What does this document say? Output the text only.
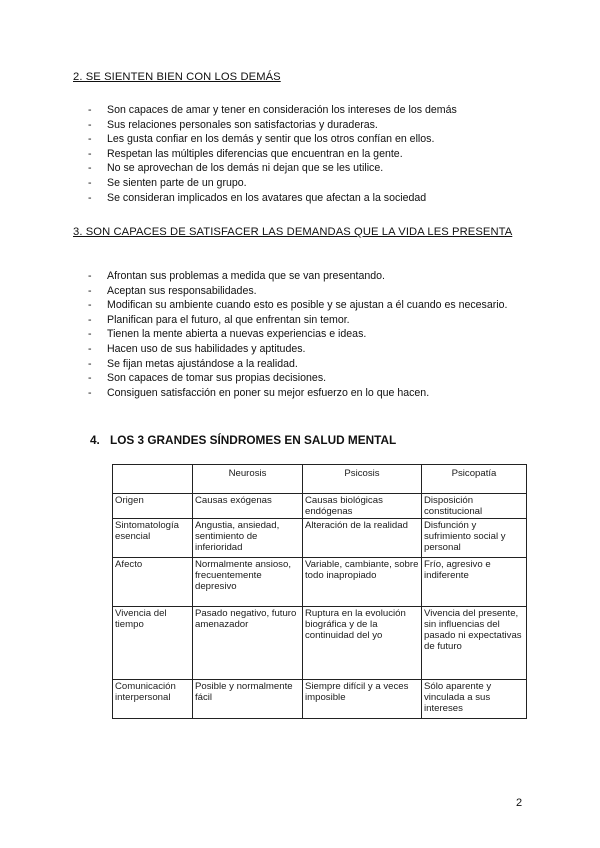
2. SE SIENTEN BIEN CON LOS DEMÁS
- Son capaces de amar y tener en consideración los intereses de los demás
- Sus relaciones personales son satisfactorias y duraderas.
- Les gusta confiar en los demás y sentir que los otros confían en ellos.
- Respetan las múltiples diferencias que encuentran en la gente.
- No se aprovechan de los demás ni dejan que se les utilice.
- Se sienten parte de un grupo.
- Se consideran implicados en los avatares que afectan a la sociedad
3. SON CAPACES DE SATISFACER LAS DEMANDAS QUE LA VIDA LES PRESENTA
- Afrontan sus problemas a medida que se van presentando.
- Aceptan sus responsabilidades.
- Modifican su ambiente cuando esto es posible y se ajustan a él cuando es necesario.
- Planifican para el futuro, al que enfrentan sin temor.
- Tienen la mente abierta a nuevas experiencias e ideas.
- Hacen uso de sus habilidades y aptitudes.
- Se fijan metas ajustándose a la realidad.
- Son capaces de tomar sus propias decisiones.
- Consiguen satisfacción en poner su mejor esfuerzo en lo que hacen.
4. LOS 3 GRANDES SÍNDROMES EN SALUD MENTAL
	Neurosis	Psicosis	Psicopatía
Origen	Causas exógenas	Causas biológicas endógenas	Disposición constitucional
Sintomatología esencial	Angustia, ansiedad, sentimiento de inferioridad	Alteración de la realidad	Disfunción y sufrimiento social y personal
Afecto	Normalmente ansioso, frecuentemente depresivo	Variable, cambiante, sobre todo inapropiado	Frío, agresivo e indiferente
Vivencia del tiempo	Pasado negativo, futuro amenazador	Ruptura en la evolución biográfica y de la continuidad del yo	Vivencia del presente, sin influencias del pasado ni expectativas de futuro
Comunicación interpersonal	Posible y normalmente fácil	Siempre difícil y a veces imposible	Sólo aparente y vinculada a sus intereses
2
